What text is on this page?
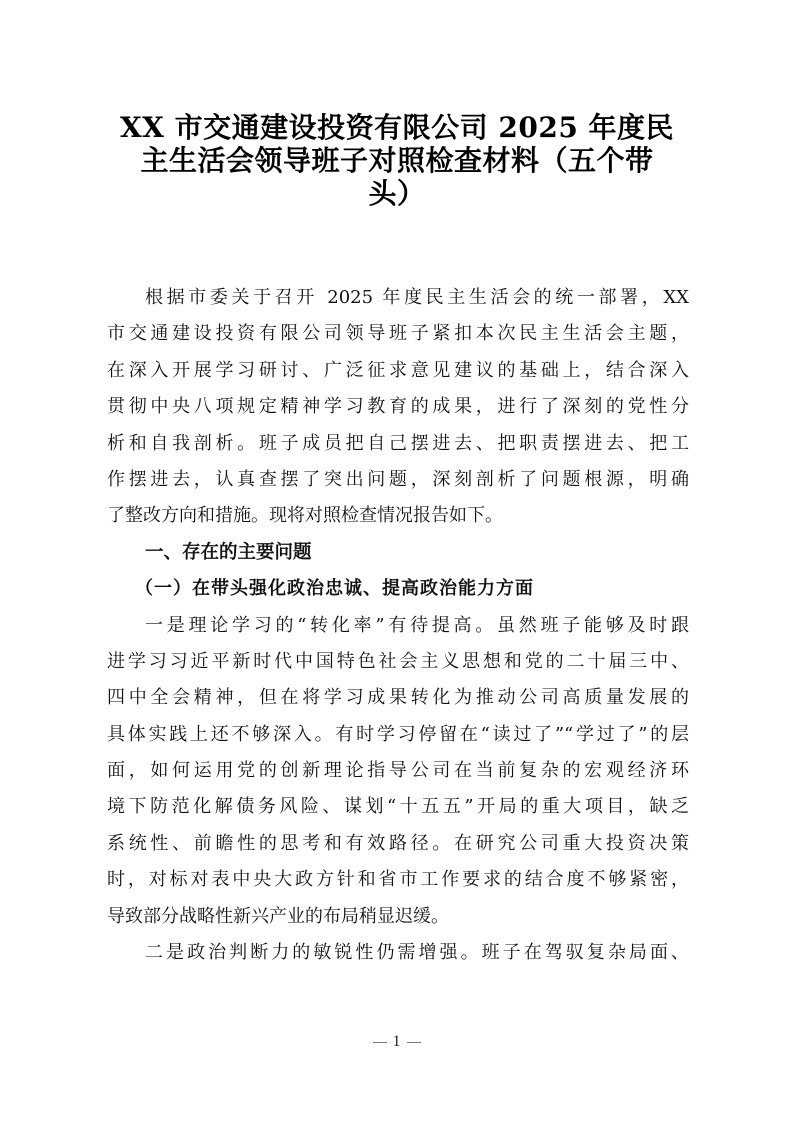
XX 市交通建设投资有限公司 2025 年度民
主生活会领导班子对照检查材料（五个带
头）
根据市委关于召开 2025 年度民主生活会的统一部署，XX
市交通建设投资有限公司领导班子紧扣本次民主生活会主题，
在深入开展学习研讨、广泛征求意见建议的基础上，结合深入
贯彻中央八项规定精神学习教育的成果，进行了深刻的党性分
析和自我剖析。班子成员把自己摆进去、把职责摆进去、把工
作摆进去，认真查摆了突出问题，深刻剖析了问题根源，明确
了整改方向和措施。现将对照检查情况报告如下。
一、存在的主要问题
（一）在带头强化政治忠诚、提高政治能力方面
一是理论学习的“转化率”有待提高。虽然班子能够及时跟
进学习习近平新时代中国特色社会主义思想和党的二十届三中、
四中全会精神，但在将学习成果转化为推动公司高质量发展的
具体实践上还不够深入。有时学习停留在“读过了”“学过了”的层
面，如何运用党的创新理论指导公司在当前复杂的宏观经济环
境下防范化解债务风险、谋划“十五五”开局的重大项目，缺乏
系统性、前瞻性的思考和有效路径。在研究公司重大投资决策
时，对标对表中央大政方针和省市工作要求的结合度不够紧密，
导致部分战略性新兴产业的布局稍显迟缓。
二是政治判断力的敏锐性仍需增强。班子在驾驭复杂局面、
1
